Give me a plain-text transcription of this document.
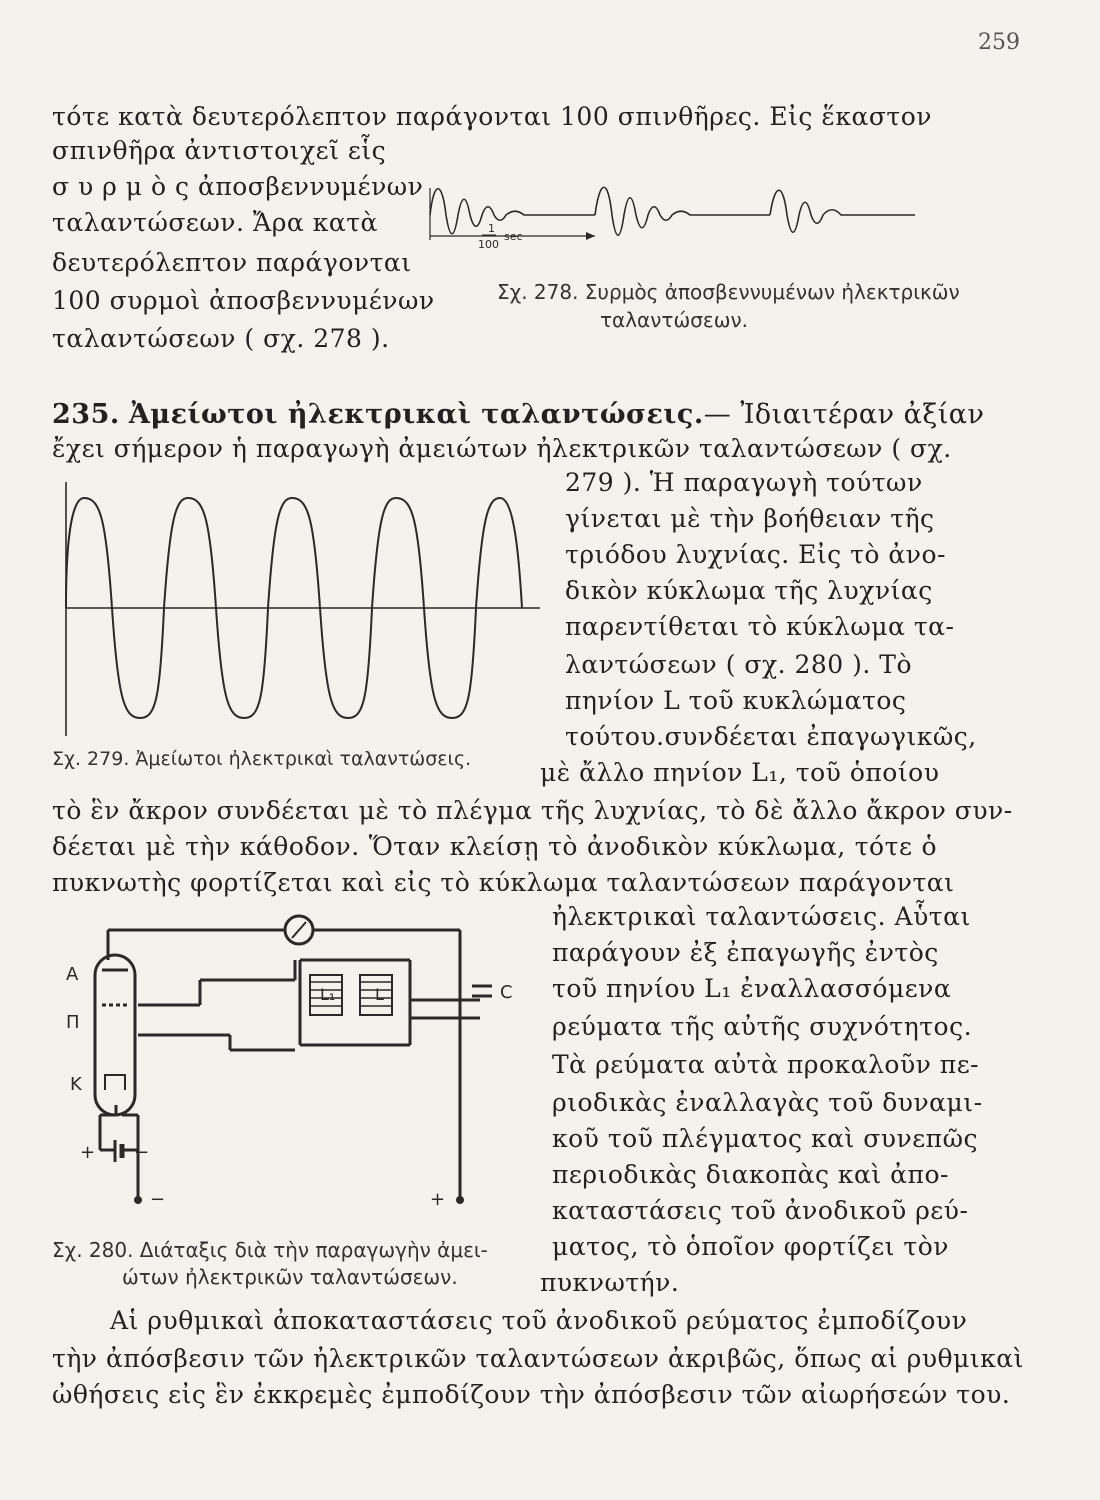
259
τότε κατὰ δευτερόλεπτον παράγονται 100 σπινθῆρες. Εἰς ἕκαστον
σπινθῆρα ἀντιστοιχεῖ εἷς
σ υ ρ μ ὸ ς ἀποσβεννυμένων
ταλαντώσεων. Ἄρα κατὰ
δευτερόλεπτον παράγονται
100 συρμοὶ ἀποσβεννυμένων
ταλαντώσεων ( σχ. 278 ).
1
100
sec
Σχ. 278. Συρμὸς ἀποσβεννυμένων ἠλεκτρικῶν
ταλαντώσεων.
235. Ἀμείωτοι ἠλεκτρικαὶ ταλαντώσεις.— Ἰδιαιτέραν ἀξίαν
ἔχει σήμερον ἡ παραγωγὴ ἀμειώτων ἠλεκτρικῶν ταλαντώσεων ( σχ.
Σχ. 279. Ἀμείωτοι ἠλεκτρικαὶ ταλαντώσεις.
279 ). Ἡ παραγωγὴ τούτων
γίνεται μὲ τὴν βοήθειαν τῆς
τριόδου λυχνίας. Εἰς τὸ ἀνο-
δικὸν κύκλωμα τῆς λυχνίας
παρεντίθεται τὸ κύκλωμα τα-
λαντώσεων ( σχ. 280 ). Τὸ
πηνίον L τοῦ κυκλώματος
τούτου.συνδέεται ἐπαγωγικῶς,
μὲ ἄλλο πηνίον L₁, τοῦ ὁποίου
τὸ ἓν ἄκρον συνδέεται μὲ τὸ πλέγμα τῆς λυχνίας, τὸ δὲ ἄλλο ἄκρον συν-
δέεται μὲ τὴν κάθοδον. Ὅταν κλείσῃ τὸ ἀνοδικὸν κύκλωμα, τότε ὁ
πυκνωτὴς φορτίζεται καὶ εἰς τὸ κύκλωμα ταλαντώσεων παράγονται
A
Π
K
L₁ L	C
+ −
−	+
Σχ. 280. Διάταξις διὰ τὴν παραγωγὴν ἀμει-
ώτων ἠλεκτρικῶν ταλαντώσεων.
ἠλεκτρικαὶ ταλαντώσεις. Αὗται
παράγουν ἐξ ἐπαγωγῆς ἐντὸς
τοῦ πηνίου L₁ ἐναλλασσόμενα
ρεύματα τῆς αὐτῆς συχνότητος.
Τὰ ρεύματα αὐτὰ προκαλοῦν πε-
ριοδικὰς ἐναλλαγὰς τοῦ δυναμι-
κοῦ τοῦ πλέγματος καὶ συνεπῶς
περιοδικὰς διακοπὰς καὶ ἀπο-
καταστάσεις τοῦ ἀνοδικοῦ ρεύ-
ματος, τὸ ὁποῖον φορτίζει τὸν
πυκνωτήν.
Αἱ ρυθμικαὶ ἀποκαταστάσεις τοῦ ἀνοδικοῦ ρεύματος ἐμποδίζουν
τὴν ἀπόσβεσιν τῶν ἠλεκτρικῶν ταλαντώσεων ἀκριβῶς, ὅπως αἱ ρυθμικαὶ
ὠθήσεις εἰς ἓν ἐκκρεμὲς ἐμποδίζουν τὴν ἀπόσβεσιν τῶν αἰωρήσεών του.
